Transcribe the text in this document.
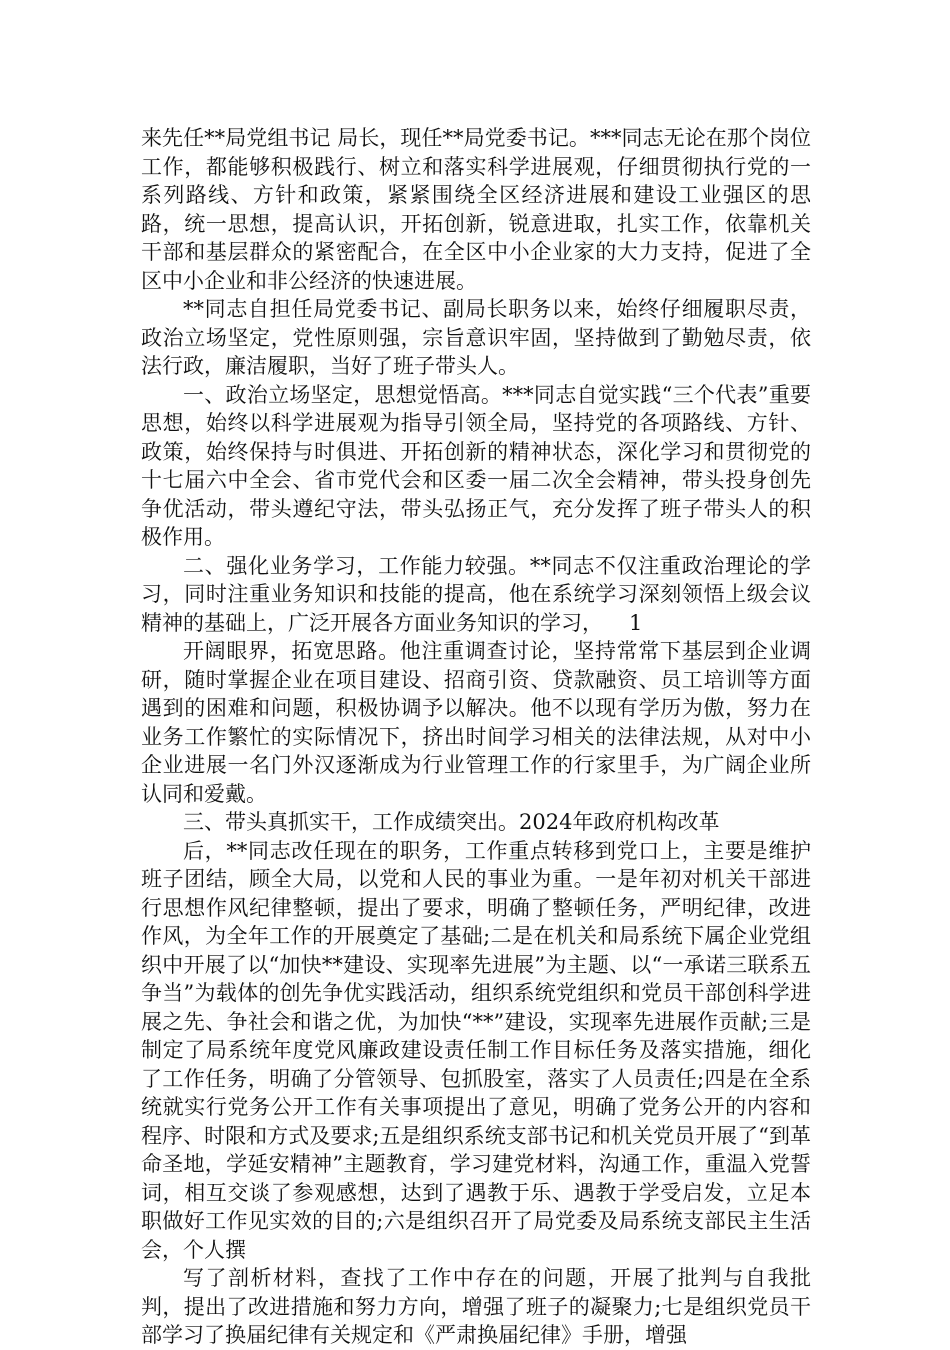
来先任**局党组书记 局长，现任**局党委书记。***同志无论在那个岗位工作，都能够积极践行、树立和落实科学进展观，仔细贯彻执行党的一系列路线、方针和政策，紧紧围绕全区经济进展和建设工业强区的思路，统一思想，提高认识，开拓创新，锐意进取，扎实工作，依靠机关干部和基层群众的紧密配合，在全区中小企业家的大力支持，促进了全区中小企业和非公经济的快速进展。

**同志自担任局党委书记、副局长职务以来，始终仔细履职尽责，政治立场坚定，党性原则强，宗旨意识牢固，坚持做到了勤勉尽责，依法行政，廉洁履职，当好了班子带头人。

一、政治立场坚定，思想觉悟高。***同志自觉实践“三个代表”重要思想，始终以科学进展观为指导引领全局，坚持党的各项路线、方针、政策，始终保持与时俱进、开拓创新的精神状态，深化学习和贯彻党的十七届六中全会、省市党代会和区委一届二次全会精神，带头投身创先争优活动，带头遵纪守法，带头弘扬正气，充分发挥了班子带头人的积极作用。

二、强化业务学习，工作能力较强。**同志不仅注重政治理论的学习，同时注重业务知识和技能的提高，他在系统学习深刻领悟上级会议精神的基础上，广泛开展各方面业务知识的学习， 1

开阔眼界，拓宽思路。他注重调查讨论，坚持常常下基层到企业调研，随时掌握企业在项目建设、招商引资、贷款融资、员工培训等方面遇到的困难和问题，积极协调予以解决。他不以现有学历为傲，努力在业务工作繁忙的实际情况下，挤出时间学习相关的法律法规，从对中小企业进展一名门外汉逐渐成为行业管理工作的行家里手，为广阔企业所认同和爱戴。

三、带头真抓实干，工作成绩突出。2024年政府机构改革

后，**同志改任现在的职务，工作重点转移到党口上，主要是维护班子团结，顾全大局，以党和人民的事业为重。一是年初对机关干部进行思想作风纪律整顿，提出了要求，明确了整顿任务，严明纪律，改进作风，为全年工作的开展奠定了基础;二是在机关和局系统下属企业党组织中开展了以“加快**建设、实现率先进展”为主题、以“一承诺三联系五争当”为载体的创先争优实践活动，组织系统党组织和党员干部创科学进展之先、争社会和谐之优，为加快“**”建设，实现率先进展作贡献;三是制定了局系统年度党风廉政建设责任制工作目标任务及落实措施，细化了工作任务，明确了分管领导、包抓股室，落实了人员责任;四是在全系统就实行党务公开工作有关事项提出了意见，明确了党务公开的内容和程序、时限和方式及要求;五是组织系统支部书记和机关党员开展了“到革命圣地，学延安精神”主题教育，学习建党材料，沟通工作，重温入党誓词，相互交谈了参观感想，达到了遇教于乐、遇教于学受启发，立足本职做好工作见实效的目的;六是组织召开了局党委及局系统支部民主生活会，个人撰

写了剖析材料，查找了工作中存在的问题，开展了批判与自我批判，提出了改进措施和努力方向，增强了班子的凝聚力;七是组织党员干部学习了换届纪律有关规定和《严肃换届纪律》手册，增强
